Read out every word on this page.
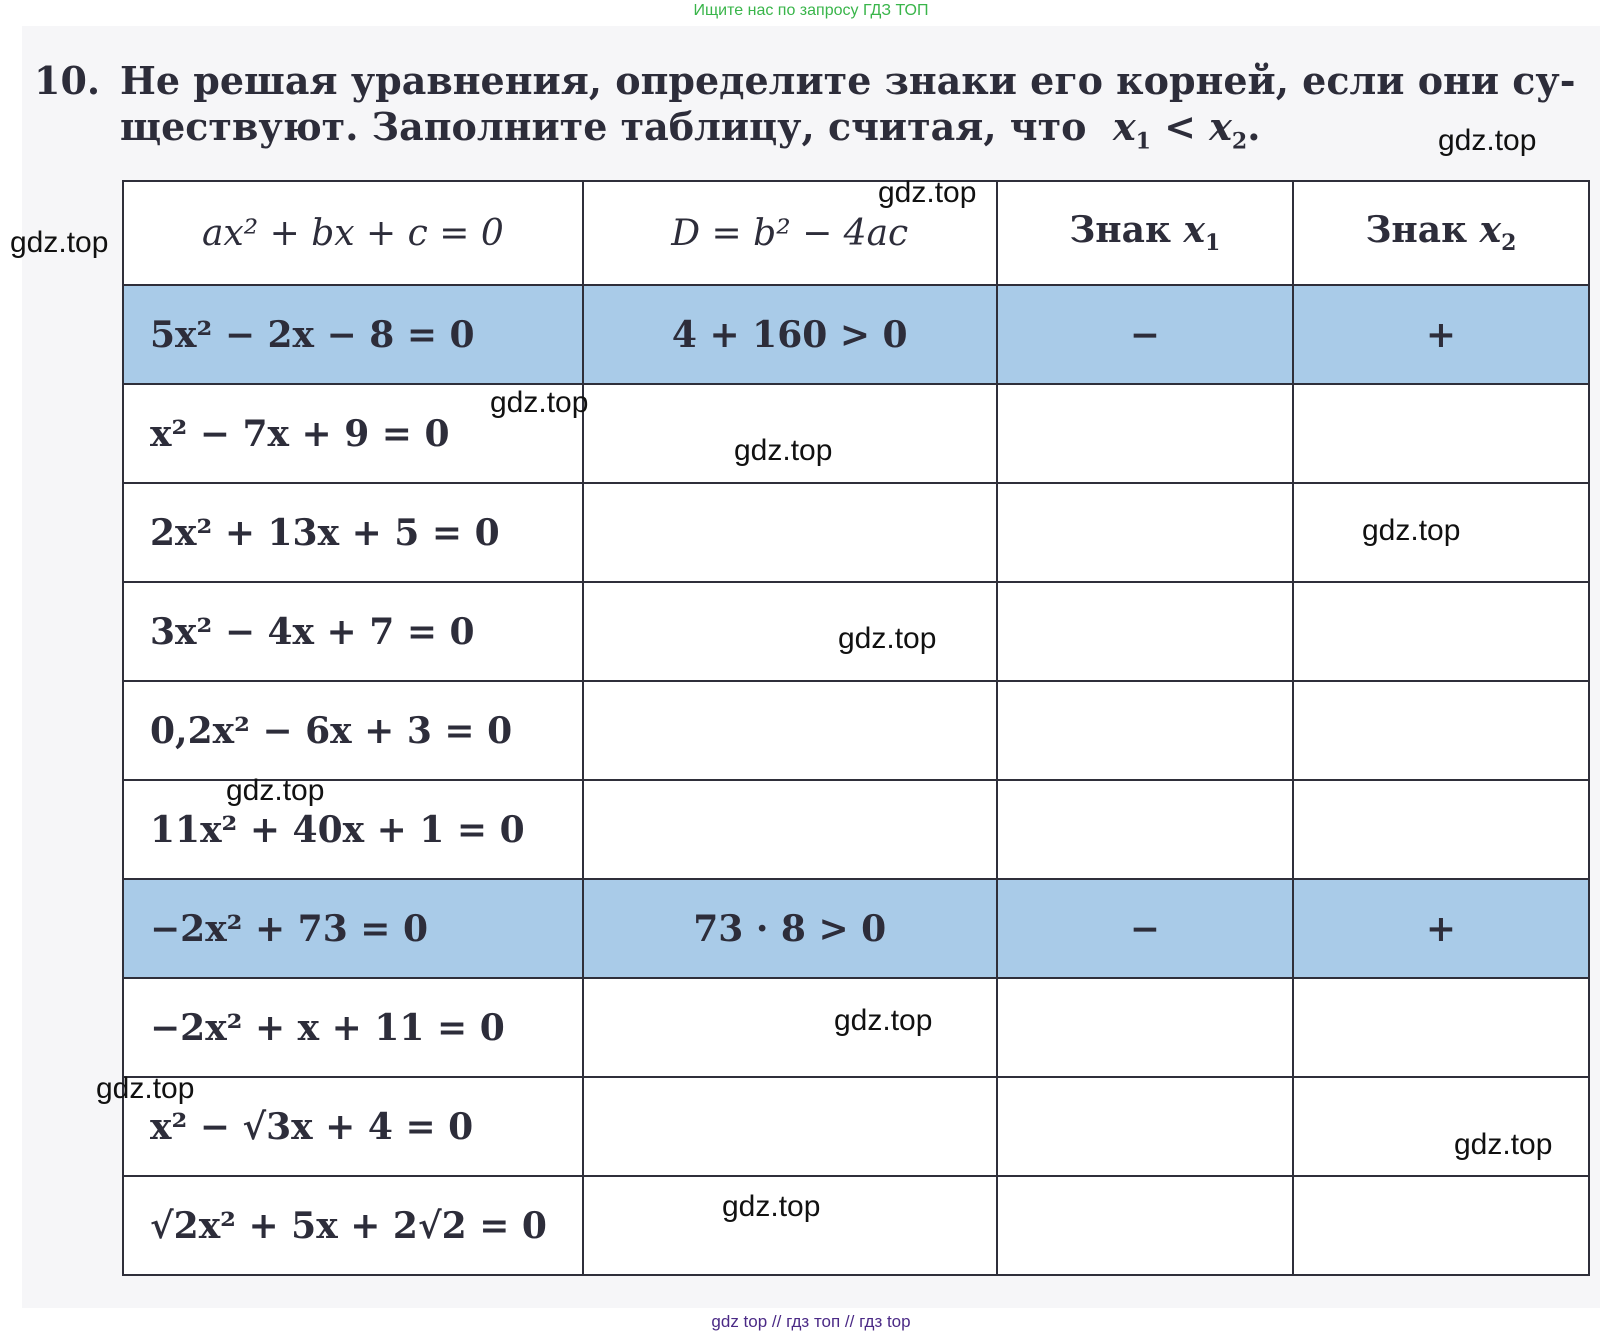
Ищите нас по запросу ГДЗ ТОП
10. Не решая уравнения, определите знаки его корней, если они су-
ществуют. Заполните таблицу, считая, что $x_1 < x_2$.
ax² + bx + c = 0	D = b² − 4ac	Знак $x_1$	Знак $x_2$
5x² − 2x − 8 = 0	4 + 160 > 0	−	+
x² − 7x + 9 = 0			
2x² + 13x + 5 = 0			
3x² − 4x + 7 = 0			
0,2x² − 6x + 3 = 0			
11x² + 40x + 1 = 0			
−2x² + 73 = 0	73 · 8 > 0	−	+
−2x² + x + 11 = 0			
x² − √3x + 4 = 0			
√2x² + 5x + 2√2 = 0			
gdz.top
gdz.top
gdz.top
gdz.top
gdz.top
gdz.top
gdz.top
gdz.top
gdz.top
gdz.top
gdz.top
gdz.top
gdz top // гдз топ // гдз top
